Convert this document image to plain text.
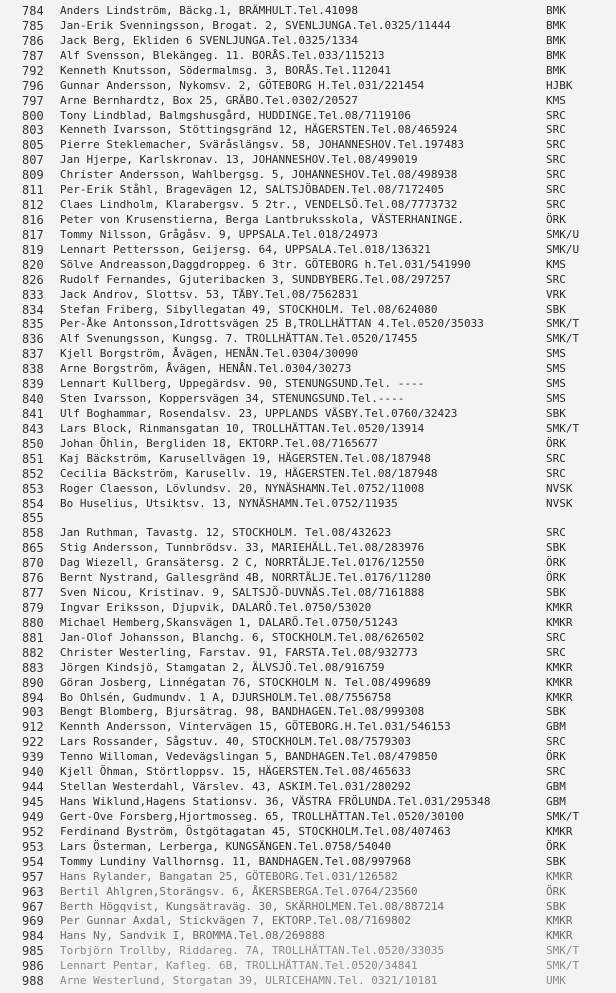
784	Anders Lindström, Bäckg.1, BRÄMHULT.Tel.41098	BMK
785	Jan-Erik Svenningsson, Brogat. 2, SVENLJUNGA.Tel.0325/11444	BMK
786	Jack Berg, Ekliden 6 SVENLJUNGA.Tel.0325/1334	BMK
787	Alf Svensson, Blekängeg. 11. BORÅS.Tel.033/115213	BMK
792	Kenneth Knutsson, Södermalmsg. 3, BORÅS.Tel.112041	BMK
796	Gunnar Andersson, Nykomsv. 2, GÖTEBORG H.Tel.031/221454	HJBK
797	Arne Bernhardtz, Box 25, GRÄBO.Tel.0302/20527	KMS
800	Tony Lindblad, Balmgshusgård, HUDDINGE.Tel.08/7119106	SRC
803	Kenneth Ivarsson, Stöttingsgränd 12, HÄGERSTEN.Tel.08/465924	SRC
805	Pierre Steklemacher, Sväråslängsv. 58, JOHANNESHOV.Tel.197483	SRC
807	Jan Hjerpe, Karlskronav. 13, JOHANNESHOV.Tel.08/499019	SRC
809	Christer Andersson, Wahlbergsg. 5, JOHANNESHOV.Tel.08/498938	SRC
811	Per-Erik Ståhl, Bragevägen 12, SALTSJÖBADEN.Tel.08/7172405	SRC
812	Claes Lindholm, Klarabergsv. 5 2tr., VENDELSÖ.Tel.08/7773732	SRC
816	Peter von Krusenstierna, Berga Lantbruksskola, VÄSTERHANINGE.	ÖRK
817	Tommy Nilsson, Grågåsv. 9, UPPSALA.Tel.018/24973	SMK/U
819	Lennart Pettersson, Geijersg. 64, UPPSALA.Tel.018/136321	SMK/U
820	Sölve Andreasson,Daggdroppeg. 6 3tr. GÖTEBORG h.Tel.031/541990	KMS
826	Rudolf Fernandes, Gjuteribacken 3, SUNDBYBERG.Tel.08/297257	SRC
833	Jack Androv, Slottsv. 53, TÄBY.Tel.08/7562831	VRK
834	Stefan Friberg, Sibyllegatan 49, STOCKHOLM. Tel.08/624080	SBK
835	Per-Åke Antonsson,Idrottsvägen 25 B,TROLLHÄTTAN 4.Tel.0520/35033	SMK/T
836	Alf Svenungsson, Kungsg. 7. TROLLHÄTTAN.Tel.0520/17455	SMK/T
837	Kjell Borgström, Åvägen, HENÅN.Tel.0304/30090	SMS
838	Arne Borgström, Åvägen, HENÅN.Tel.0304/30273	SMS
839	Lennart Kullberg, Uppegärdsv. 90, STENUNGSUND.Tel. ----	SMS
840	Sten Ivarsson, Koppersvägen 34, STENUNGSUND.Tel.----	SMS
841	Ulf Boghammar, Rosendalsv. 23, UPPLANDS VÄSBY.Tel.0760/32423	SBK
843	Lars Block, Rinmansgatan 10, TROLLHÄTTAN.Tel.0520/13914	SMK/T
850	Johan Öhlin, Bergliden 18, EKTORP.Tel.08/7165677	ÖRK
851	Kaj Bäckström, Karusellvägen 19, HÄGERSTEN.Tel.08/187948	SRC
852	Cecilia Bäckström, Karusellv. 19, HÄGERSTEN.Tel.08/187948	SRC
853	Roger Claesson, Lövlundsv. 20, NYNÄSHAMN.Tel.0752/11008	NVSK
854	Bo Huselius, Utsiktsv. 13, NYNÄSHAMN.Tel.0752/11935	NVSK
855
858	Jan Ruthman, Tavastg. 12, STOCKHOLM. Tel.08/432623	SRC
865	Stig Andersson, Tunnbrödsv. 33, MARIEHÄLL.Tel.08/283976	SBK
870	Dag Wiezell, Gransätersg. 2 C, NORRTÄLJE.Tel.0176/12550	ÖRK
876	Bernt Nystrand, Gallesgränd 4B, NORRTÄLJE.Tel.0176/11280	ÖRK
877	Sven Nicou, Kristinav. 9, SALTSJÖ-DUVNÄS.Tel.08/7161888	SBK
879	Ingvar Eriksson, Djupvik, DALARÖ.Tel.0750/53020	KMKR
880	Michael Hemberg,Skansvägen 1, DALARÖ.Tel.0750/51243	KMKR
881	Jan-Olof Johansson, Blanchg. 6, STOCKHOLM.Tel.08/626502	SRC
882	Christer Westerling, Farstav. 91, FARSTA.Tel.08/932773	SRC
883	Jörgen Kindsjö, Stamgatan 2, ÄLVSJÖ.Tel.08/916759	KMKR
890	Göran Josberg, Linnégatan 76, STOCKHOLM N. Tel.08/499689	KMKR
894	Bo Ohlsén, Gudmundv. 1 A, DJURSHOLM.Tel.08/7556758	KMKR
903	Bengt Blomberg, Bjursätrag. 98, BANDHAGEN.Tel.08/999308	SBK
912	Kennth Andersson, Vintervägen 15, GÖTEBORG.H.Tel.031/546153	GBM
922	Lars Rossander, Sågstuv. 40, STOCKHOLM.Tel.08/7579303	SRC
939	Tenno Willoman, Vedevägslingan 5, BANDHAGEN.Tel.08/479850	ÖRK
940	Kjell Öhman, Störtloppsv. 15, HÄGERSTEN.Tel.08/465633	SRC
944	Stellan Westerdahl, Värslev. 43, ASKIM.Tel.031/280292	GBM
945	Hans Wiklund,Hagens Stationsv. 36, VÄSTRA FRÖLUNDA.Tel.031/295348	GBM
949	Gert-Ove Forsberg,Hjortmosseg. 65, TROLLHÄTTAN.Tel.0520/30100	SMK/T
952	Ferdinand Byström, Östgötagatan 45, STOCKHOLM.Tel.08/407463	KMKR
953	Lars Österman, Lerberga, KUNGSÄNGEN.Tel.0758/54040	ÖRK
954	Tommy Lundiny Vallhornsg. 11, BANDHAGEN.Tel.08/997968	SBK
957	Hans Rylander, Bangatan 25, GÖTEBORG.Tel.031/126582	KMKR
963	Bertil Ahlgren,Storängsv. 6, ÅKERSBERGA.Tel.0764/23560	ÖRK
967	Berth Högqvist, Kungsätraväg. 30, SKÄRHOLMEN.Tel.08/887214	SBK
969	Per Gunnar Axdal, Stickvägen 7, EKTORP.Tel.08/7169802	KMKR
984	Hans Ny, Sandvik I, BROMMA.Tel.08/269888	KMKR
985	Torbjörn Trollby, Riddareg. 7A, TROLLHÄTTAN.Tel.0520/33035	SMK/T
986	Lennart Pentar, Kafleg. 6B, TROLLHÄTTAN.Tel.0520/34841	SMK/T
988	Arne Westerlund, Storgatan 39, ULRICEHAMN.Tel. 0321/10181	UMK
